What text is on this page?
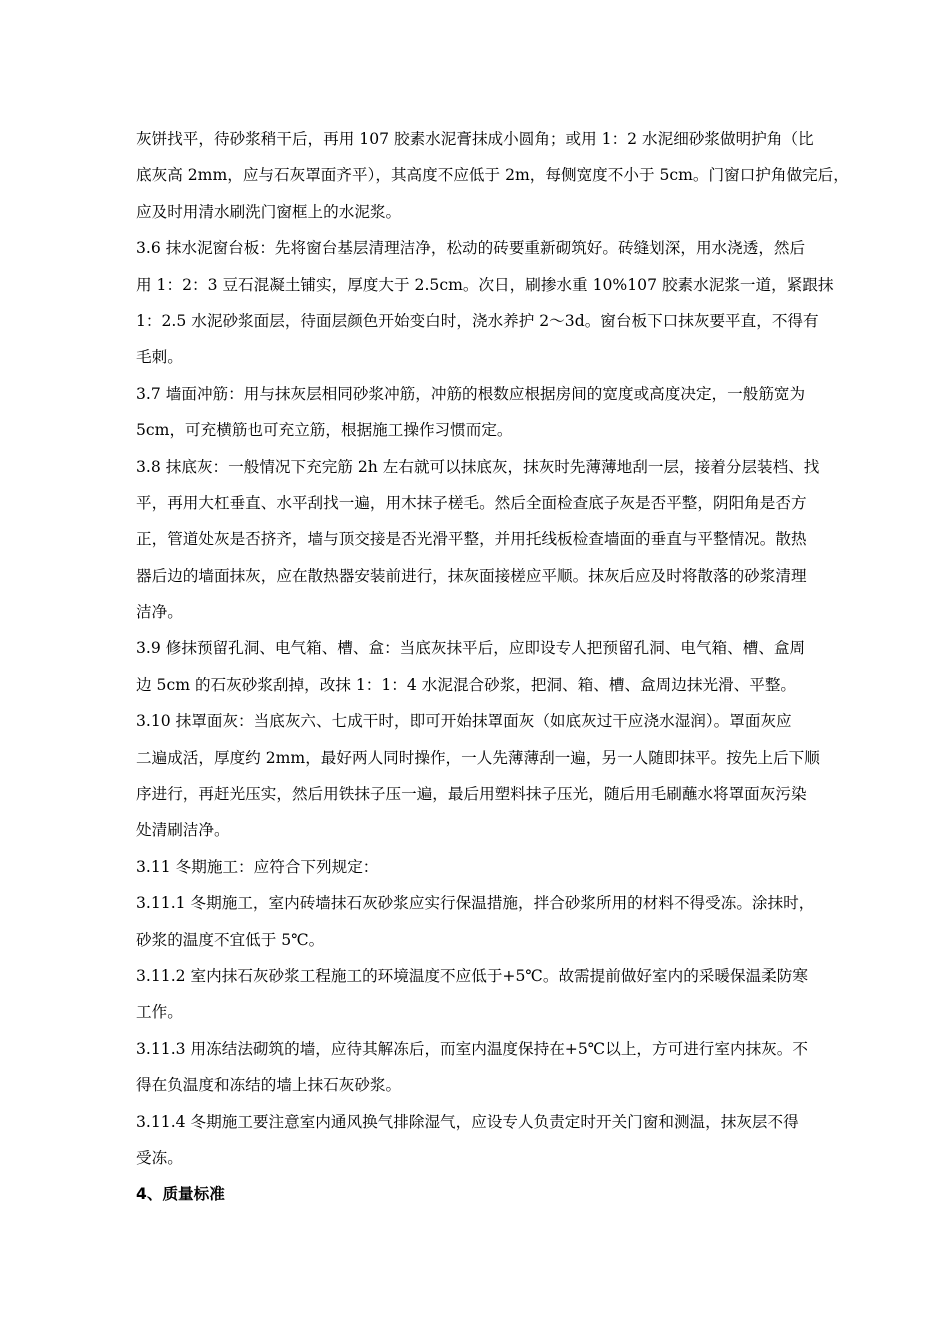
灰饼找平，待砂浆稍干后，再用 107 胶素水泥膏抹成小圆角；或用 1：2 水泥细砂浆做明护角（比
底灰高 2mm，应与石灰罩面齐平），其高度不应低于 2m，每侧宽度不小于 5cm。门窗口护角做完后，
应及时用清水刷洗门窗框上的水泥浆。
3.6 抹水泥窗台板：先将窗台基层清理洁净，松动的砖要重新砌筑好。砖缝划深，用水浇透，然后
用 1：2：3 豆石混凝土铺实，厚度大于 2.5cm。次日，刷掺水重 10%107 胶素水泥浆一道，紧跟抹
1：2.5 水泥砂浆面层，待面层颜色开始变白时，浇水养护 2～3d。窗台板下口抹灰要平直，不得有
毛刺。
3.7 墙面冲筋：用与抹灰层相同砂浆冲筋，冲筋的根数应根据房间的宽度或高度决定，一般筋宽为
5cm，可充横筋也可充立筋，根据施工操作习惯而定。
3.8 抹底灰：一般情况下充完筋 2h 左右就可以抹底灰，抹灰时先薄薄地刮一层，接着分层装档、找
平，再用大杠垂直、水平刮找一遍，用木抹子槎毛。然后全面检查底子灰是否平整，阴阳角是否方
正，管道处灰是否挤齐，墙与顶交接是否光滑平整，并用托线板检查墙面的垂直与平整情况。散热
器后边的墙面抹灰，应在散热器安装前进行，抹灰面接槎应平顺。抹灰后应及时将散落的砂浆清理
洁净。
3.9 修抹预留孔洞、电气箱、槽、盒：当底灰抹平后，应即设专人把预留孔洞、电气箱、槽、盒周
边 5cm 的石灰砂浆刮掉，改抹 1：1：4 水泥混合砂浆，把洞、箱、槽、盒周边抹光滑、平整。
3.10 抹罩面灰：当底灰六、七成干时，即可开始抹罩面灰（如底灰过干应浇水湿润）。罩面灰应
二遍成活，厚度约 2mm，最好两人同时操作，一人先薄薄刮一遍，另一人随即抹平。按先上后下顺
序进行，再赶光压实，然后用铁抹子压一遍，最后用塑料抹子压光，随后用毛刷蘸水将罩面灰污染
处清刷洁净。
3.11 冬期施工：应符合下列规定：
3.11.1 冬期施工，室内砖墙抹石灰砂浆应实行保温措施，拌合砂浆所用的材料不得受冻。涂抹时，
砂浆的温度不宜低于 5℃。
3.11.2 室内抹石灰砂浆工程施工的环境温度不应低于+5℃。故需提前做好室内的采暖保温柔防寒
工作。
3.11.3 用冻结法砌筑的墙，应待其解冻后，而室内温度保持在+5℃以上，方可进行室内抹灰。不
得在负温度和冻结的墙上抹石灰砂浆。
3.11.4 冬期施工要注意室内通风换气排除湿气，应设专人负责定时开关门窗和测温，抹灰层不得
受冻。
4、质量标准
